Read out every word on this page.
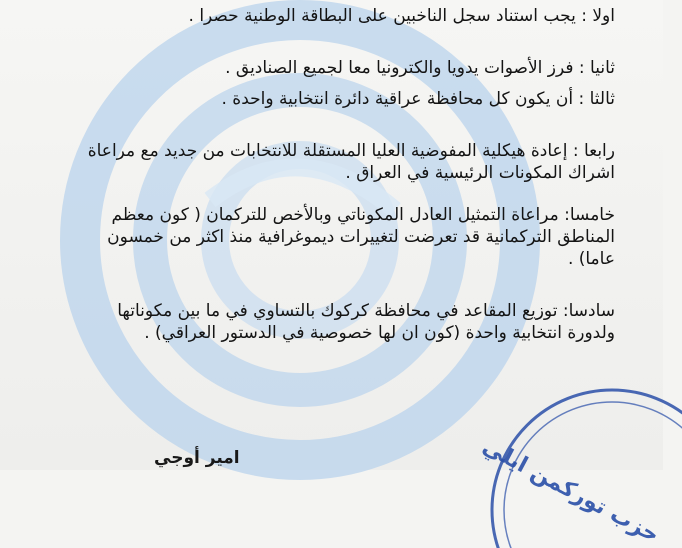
اولا : يجب استناد سجل الناخبين على البطاقة الوطنية حصرا .
ثانيا : فرز الأصوات يدويا والكترونيا معا لجميع الصناديق .
ثالثا : أن يكون كل محافظة عراقية دائرة انتخابية واحدة .
رابعا : إعادة هيكلية المفوضية العليا المستقلة للانتخابات من جديد مع مراعاة
اشراك المكونات الرئيسية في العراق .
خامسا: مراعاة التمثيل العادل المكوناتي وبالأخص للتركمان ( كون معظم
المناطق التركمانية قد تعرضت لتغييرات ديموغرافية منذ اكثر من خمسون
عاما) .
سادسا: توزيع المقاعد في محافظة كركوك بالتساوي في ما بين مكوناتها
ولدورة انتخابية واحدة (كون ان لها خصوصية في الدستور العراقي) .
حزب توركمن ايلي
امير أوجي
